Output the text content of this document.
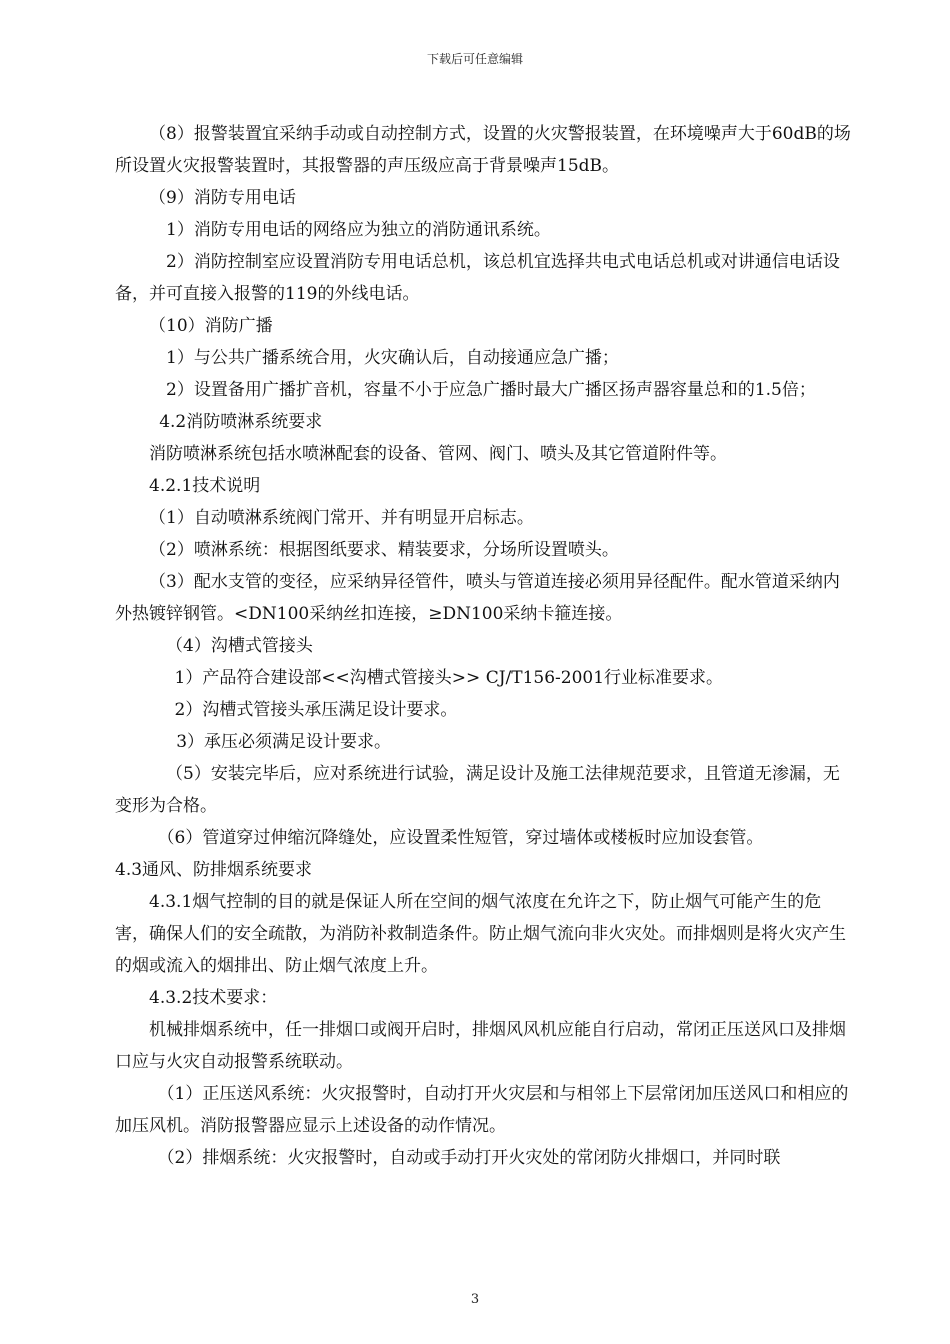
下载后可任意编辑

（8）报警装置宜采纳手动或自动控制方式，设置的火灾警报装置，在环境噪声大于60dB的场所设置火灾报警装置时，其报警器的声压级应高于背景噪声15dB。

（9）消防专用电话

1）消防专用电话的网络应为独立的消防通讯系统。

2）消防控制室应设置消防专用电话总机，该总机宜选择共电式电话总机或对讲通信电话设备，并可直接入报警的119的外线电话。

（10）消防广播

1）与公共广播系统合用，火灾确认后，自动接通应急广播；

2）设置备用广播扩音机，容量不小于应急广播时最大广播区扬声器容量总和的1.5倍；

4.2消防喷淋系统要求

消防喷淋系统包括水喷淋配套的设备、管网、阀门、喷头及其它管道附件等。

4.2.1技术说明

（1）自动喷淋系统阀门常开、并有明显开启标志。

（2）喷淋系统：根据图纸要求、精装要求，分场所设置喷头。

（3）配水支管的变径，应采纳异径管件，喷头与管道连接必须用异径配件。配水管道采纳内外热镀锌钢管。<DN100采纳丝扣连接，≥DN100采纳卡箍连接。

（4）沟槽式管接头

1）产品符合建设部<<沟槽式管接头>> CJ/T156-2001行业标准要求。

2）沟槽式管接头承压满足设计要求。

3）承压必须满足设计要求。

（5）安装完毕后，应对系统进行试验，满足设计及施工法律规范要求，且管道无渗漏，无变形为合格。

（6）管道穿过伸缩沉降缝处，应设置柔性短管，穿过墙体或楼板时应加设套管。

4.3通风、防排烟系统要求

4.3.1烟气控制的目的就是保证人所在空间的烟气浓度在允许之下，防止烟气可能产生的危害，确保人们的安全疏散，为消防补救制造条件。防止烟气流向非火灾处。而排烟则是将火灾产生的烟或流入的烟排出、防止烟气浓度上升。

4.3.2技术要求：

机械排烟系统中，任一排烟口或阀开启时，排烟风风机应能自行启动，常闭正压送风口及排烟口应与火灾自动报警系统联动。

（1）正压送风系统：火灾报警时，自动打开火灾层和与相邻上下层常闭加压送风口和相应的加压风机。消防报警器应显示上述设备的动作情况。

（2）排烟系统：火灾报警时，自动或手动打开火灾处的常闭防火排烟口，并同时联

3
